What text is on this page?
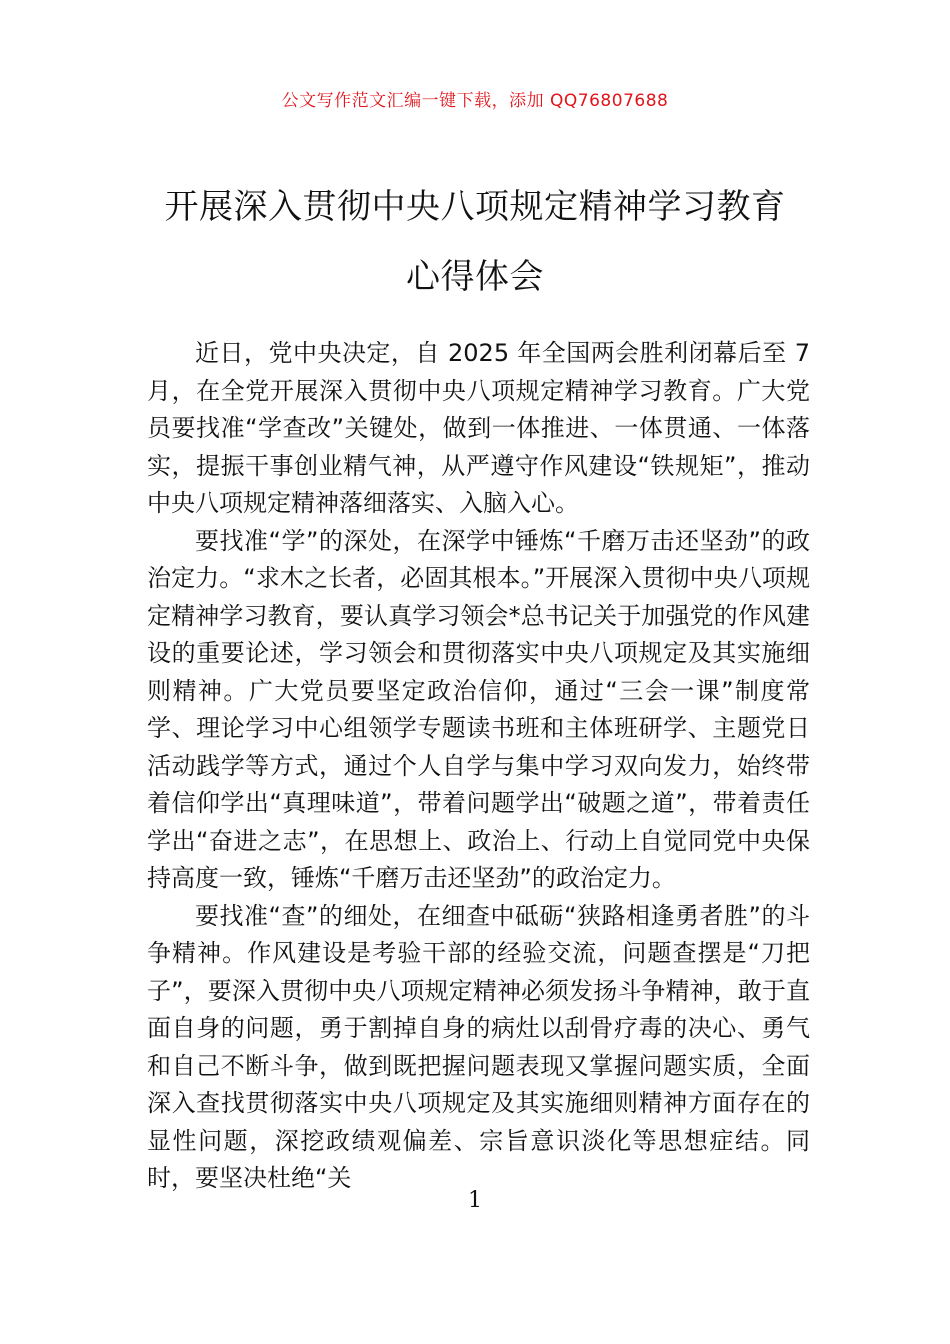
公文写作范文汇编一键下载，添加 QQ76807688
开展深入贯彻中央八项规定精神学习教育
心得体会

近日，党中央决定，自 2025 年全国两会胜利闭幕后至 7 月，在全党开展深入贯彻中央八项规定精神学习教育。广大党员要找准“学查改”关键处，做到一体推进、一体贯通、一体落实，提振干事创业精气神，从严遵守作风建设“铁规矩”，推动中央八项规定精神落细落实、入脑入心。

要找准“学”的深处，在深学中锤炼“千磨万击还坚劲”的政治定力。“求木之长者，必固其根本。”开展深入贯彻中央八项规定精神学习教育，要认真学习领会*总书记关于加强党的作风建设的重要论述，学习领会和贯彻落实中央八项规定及其实施细则精神。广大党员要坚定政治信仰，通过“三会一课”制度常学、理论学习中心组领学专题读书班和主体班研学、主题党日活动践学等方式，通过个人自学与集中学习双向发力，始终带着信仰学出“真理味道”，带着问题学出“破题之道”，带着责任学出“奋进之志”，在思想上、政治上、行动上自觉同党中央保持高度一致，锤炼“千磨万击还坚劲”的政治定力。

要找准“查”的细处，在细查中砥砺“狭路相逢勇者胜”的斗争精神。作风建设是考验干部的经验交流，问题查摆是“刀把子”，要深入贯彻中央八项规定精神必须发扬斗争精神，敢于直面自身的问题，勇于割掉自身的病灶以刮骨疗毒的决心、勇气和自己不断斗争，做到既把握问题表现又掌握问题实质，全面深入查找贯彻落实中央八项规定及其实施细则精神方面存在的显性问题，深挖政绩观偏差、宗旨意识淡化等思想症结。同时，要坚决杜绝“关

1
